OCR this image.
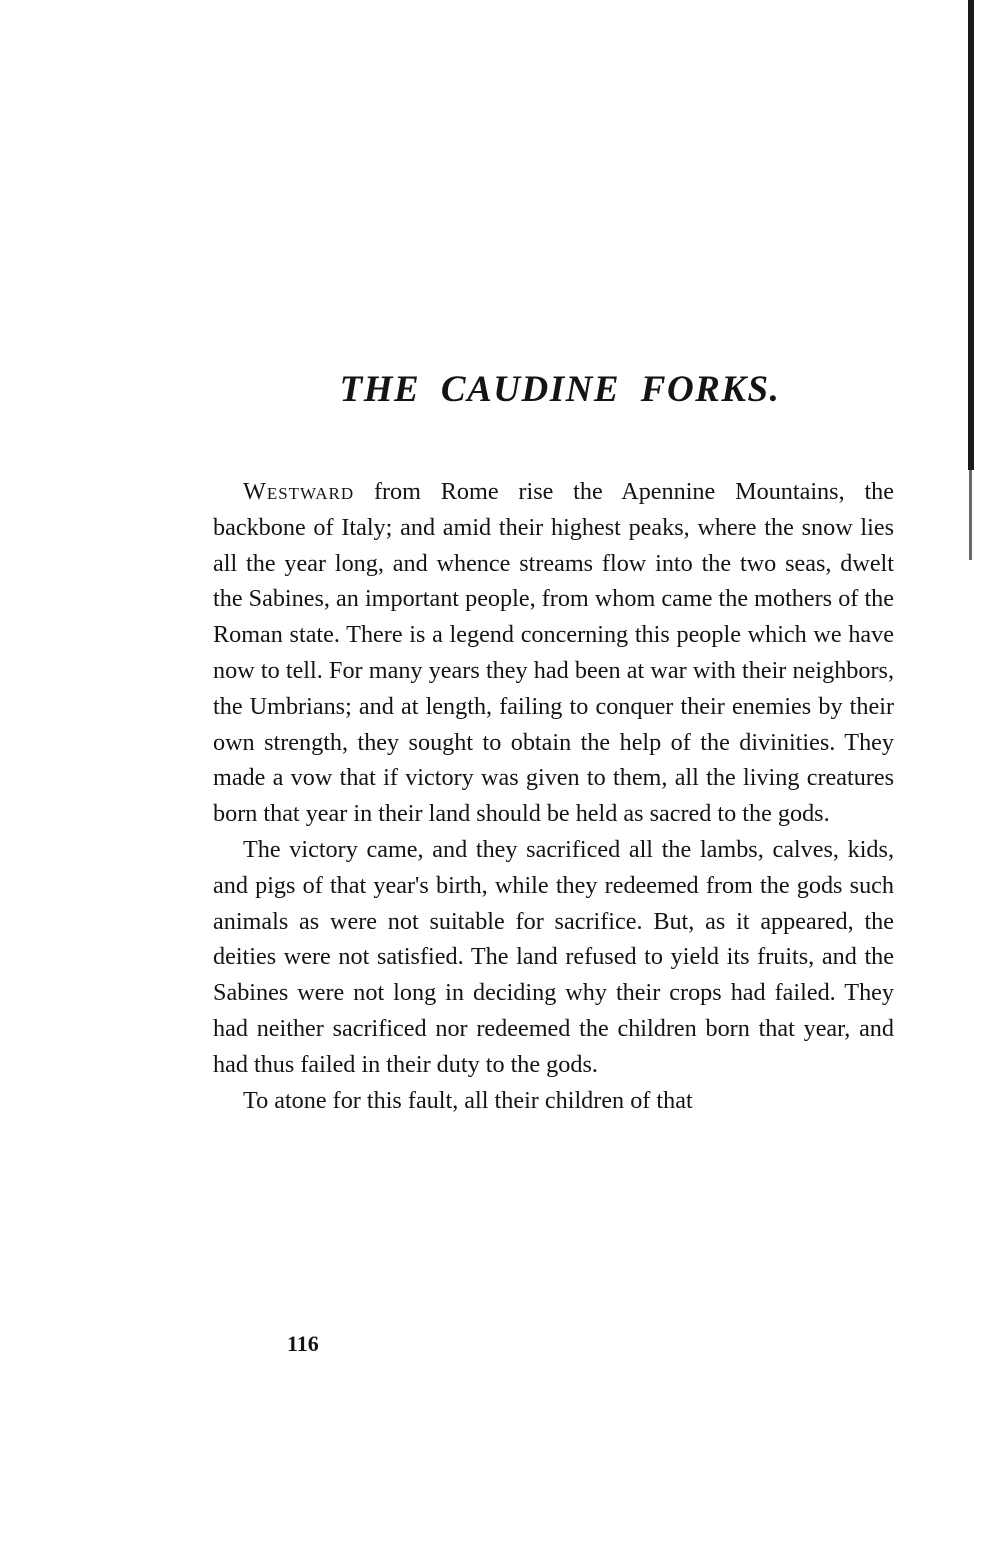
THE CAUDINE FORKS.

Westward from Rome rise the Apennine Mountains, the backbone of Italy; and amid their highest peaks, where the snow lies all the year long, and whence streams flow into the two seas, dwelt the Sabines, an important people, from whom came the mothers of the Roman state. There is a legend concerning this people which we have now to tell. For many years they had been at war with their neighbors, the Umbrians; and at length, failing to conquer their enemies by their own strength, they sought to obtain the help of the divinities. They made a vow that if victory was given to them, all the living creatures born that year in their land should be held as sacred to the gods.

The victory came, and they sacrificed all the lambs, calves, kids, and pigs of that year's birth, while they redeemed from the gods such animals as were not suitable for sacrifice. But, as it appeared, the deities were not satisfied. The land refused to yield its fruits, and the Sabines were not long in deciding why their crops had failed. They had neither sacrificed nor redeemed the children born that year, and had thus failed in their duty to the gods.

To atone for this fault, all their children of that

116
